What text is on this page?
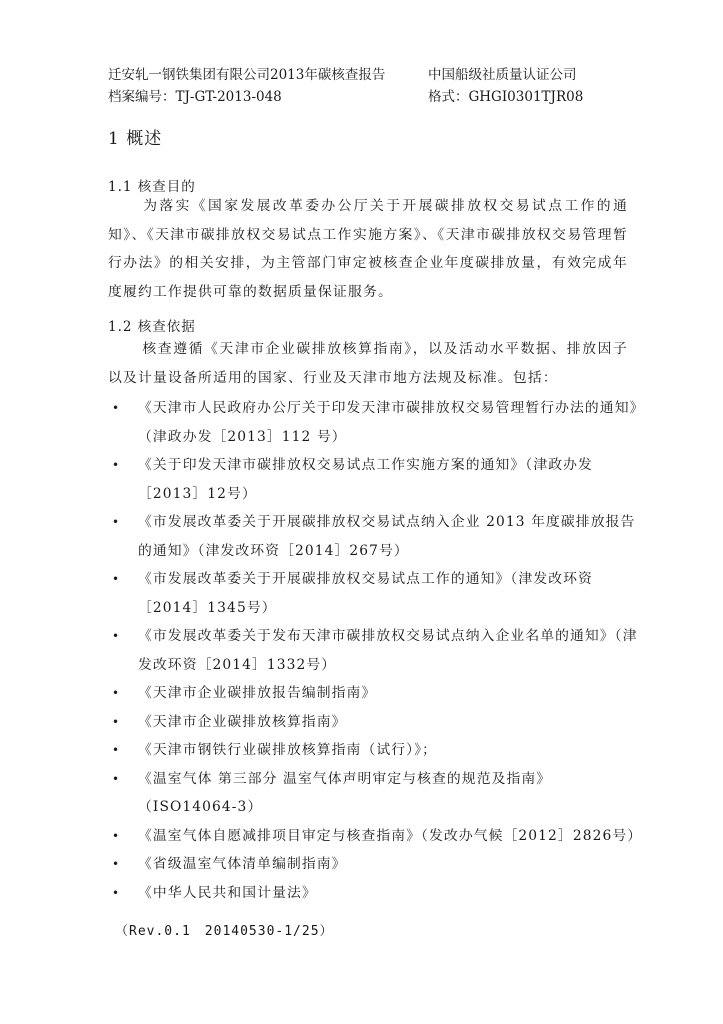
迁安轧一钢铁集团有限公司2013年碳核查报告	中国船级社质量认证公司
档案编号：TJ-GT-2013-048	格式：GHGI0301TJR08
1 概述
1.1 核查目的
为落实《国家发展改革委办公厅关于开展碳排放权交易试点工作的通知》、《天津市碳排放权交易试点工作实施方案》、《天津市碳排放权交易管理暂行办法》的相关安排，为主管部门审定被核查企业年度碳排放量，有效完成年度履约工作提供可靠的数据质量保证服务。
1.2 核查依据
核查遵循《天津市企业碳排放核算指南》，以及活动水平数据、排放因子以及计量设备所适用的国家、行业及天津市地方法规及标准。包括：
• 《天津市人民政府办公厅关于印发天津市碳排放权交易管理暂行办法的通知》（津政办发［2013］112 号）
• 《关于印发天津市碳排放权交易试点工作实施方案的通知》（津政办发［2013］12号）
• 《市发展改革委关于开展碳排放权交易试点纳入企业 2013 年度碳排放报告的通知》（津发改环资［2014］267号）
• 《市发展改革委关于开展碳排放权交易试点工作的通知》（津发改环资［2014］1345号）
• 《市发展改革委关于发布天津市碳排放权交易试点纳入企业名单的通知》（津发改环资［2014］1332号）
• 《天津市企业碳排放报告编制指南》
• 《天津市企业碳排放核算指南》
• 《天津市钢铁行业碳排放核算指南（试行）》；
• 《温室气体 第三部分 温室气体声明审定与核查的规范及指南》（ISO14064-3）
• 《温室气体自愿减排项目审定与核查指南》（发改办气候［2012］2826号）
• 《省级温室气体清单编制指南》
• 《中华人民共和国计量法》
（Rev.0.1　20140530-1/25）
